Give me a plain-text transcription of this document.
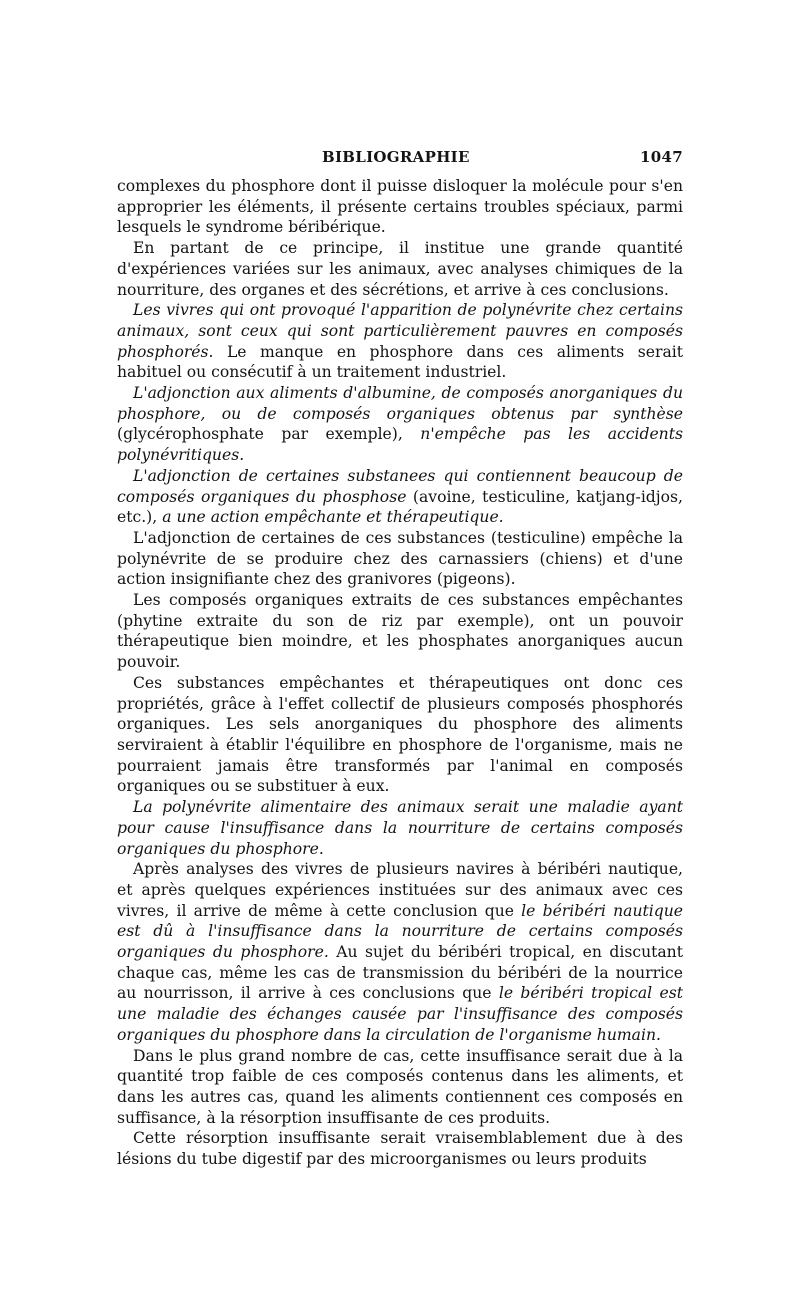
BIBLIOGRAPHIE	1047

complexes du phosphore dont il puisse disloquer la molécule pour s'en approprier les éléments, il présente certains troubles spéciaux, parmi lesquels le syndrome béribérique.

En partant de ce principe, il institue une grande quantité d'expériences variées sur les animaux, avec analyses chimiques de la nourriture, des organes et des sécrétions, et arrive à ces conclusions.

Les vivres qui ont provoqué l'apparition de polynévrite chez certains animaux, sont ceux qui sont particulièrement pauvres en composés phosphorés. Le manque en phosphore dans ces aliments serait habituel ou consécutif à un traitement industriel.

L'adjonction aux aliments d'albumine, de composés anorganiques du phosphore, ou de composés organiques obtenus par synthèse (glycérophosphate par exemple), n'empêche pas les accidents polynévritiques.

L'adjonction de certaines substanees qui contiennent beaucoup de composés organiques du phosphose (avoine, testiculine, katjang-idjos, etc.), a une action empêchante et thérapeutique.

L'adjonction de certaines de ces substances (testiculine) empêche la polynévrite de se produire chez des carnassiers (chiens) et d'une action insignifiante chez des granivores (pigeons).

Les composés organiques extraits de ces substances empêchantes (phytine extraite du son de riz par exemple), ont un pouvoir thérapeutique bien moindre, et les phosphates anorganiques aucun pouvoir.

Ces substances empêchantes et thérapeutiques ont donc ces propriétés, grâce à l'effet collectif de plusieurs composés phosphorés organiques. Les sels anorganiques du phosphore des aliments serviraient à établir l'équilibre en phosphore de l'organisme, mais ne pourraient jamais être transformés par l'animal en composés organiques ou se substituer à eux.

La polynévrite alimentaire des animaux serait une maladie ayant pour cause l'insuffisance dans la nourriture de certains composés organiques du phosphore.

Après analyses des vivres de plusieurs navires à béribéri nautique, et après quelques expériences instituées sur des animaux avec ces vivres, il arrive de même à cette conclusion que le béribéri nautique est dû à l'insuffisance dans la nourriture de certains composés organiques du phosphore. Au sujet du béribéri tropical, en discutant chaque cas, même les cas de transmission du béribéri de la nourrice au nourrisson, il arrive à ces conclusions que le béribéri tropical est une maladie des échanges causée par l'insuffisance des composés organiques du phosphore dans la circulation de l'organisme humain.

Dans le plus grand nombre de cas, cette insuffisance serait due à la quantité trop faible de ces composés contenus dans les aliments, et dans les autres cas, quand les aliments contiennent ces composés en suffisance, à la résorption insuffisante de ces produits.

Cette résorption insuffisante serait vraisemblablement due à des lésions du tube digestif par des microorganismes ou leurs produits
